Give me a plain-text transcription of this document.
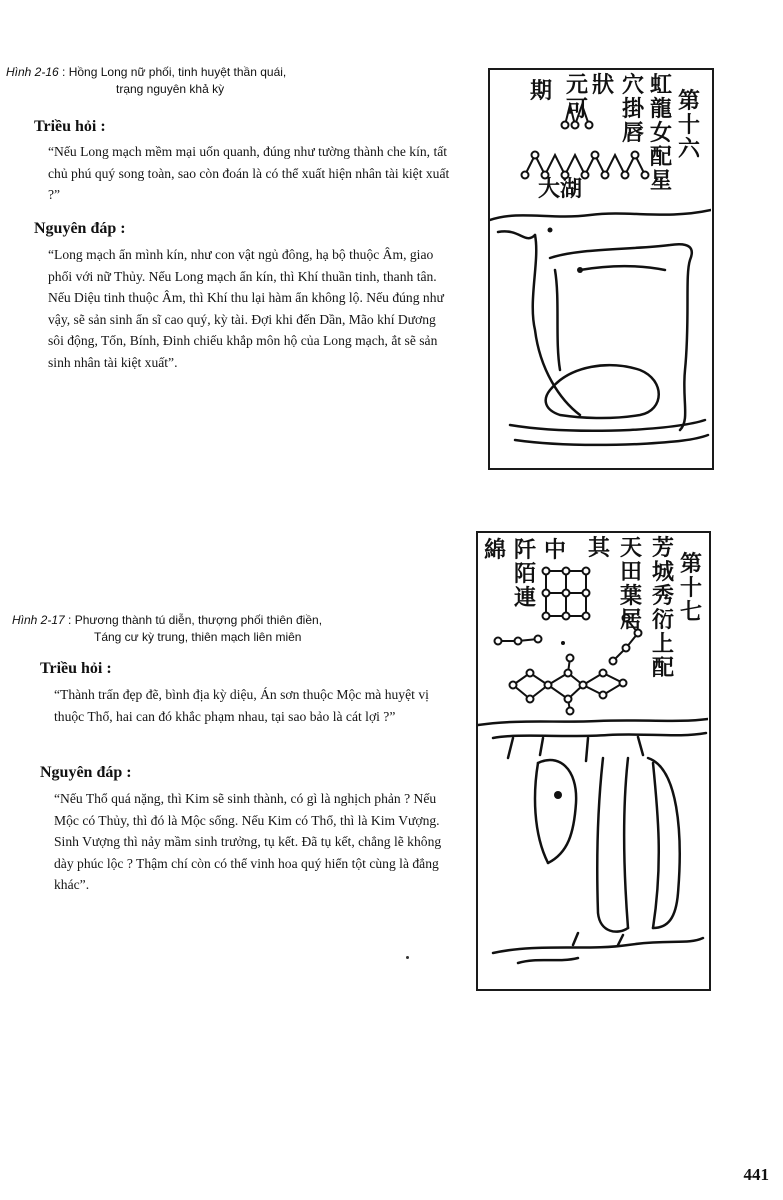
Hình 2-16 : Hồng Long nữ phối, tinh huyệt thần quái,
trạng nguyên khả kỳ
Triều hỏi :
“Nếu Long mạch mềm mại uốn quanh, đúng như tường thành che kín, tất chủ phú quý song toàn, sao còn đoán là có thể xuất hiện nhân tài kiệt xuất ?”
Nguyên đáp :
“Long mạch ẩn mình kín, như con vật ngủ đông, hạ bộ thuộc Âm, giao phối với nữ Thủy. Nếu Long mạch ẩn kín, thì Khí thuần tinh, thanh tân. Nếu Diệu tinh thuộc Âm, thì Khí thu lại hàm ẩn không lộ. Nếu đúng như vậy, sẽ sản sinh ẩn sĩ cao quý, kỳ tài. Đợi khi đến Dần, Mão khí Dương sôi động, Tốn, Bính, Đinh chiếu khắp môn hộ của Long mạch, ắt sẽ sản sinh nhân tài kiệt xuất”.
第十六
虹龍女配星
穴掛唇
狀
元可
期
大湖
Hình 2-17 : Phương thành tú diễn, thượng phối thiên điền,
Táng cư kỳ trung, thiên mạch liên miên
Triều hỏi :
“Thành trấn đẹp đẽ, bình địa kỳ diệu, Án sơn thuộc Mộc mà huyệt vị thuộc Thổ, hai can đó khắc phạm nhau, tại sao bảo là cát lợi ?”
Nguyên đáp :
“Nếu Thổ quá nặng, thì Kim sẽ sinh thành, có gì là nghịch phản ? Nếu Mộc có Thủy, thì đó là Mộc sống. Nếu Kim có Thổ, thì là Kim Vượng. Sinh Vượng thì nảy mầm sinh trưởng, tụ kết. Đã tụ kết, chẳng lẽ không dày phúc lộc ? Thậm chí còn có thể vinh hoa quý hiển tột cùng là đẳng khác”.
第十七
芳城秀衍上配
天田葉居
其
中
阡陌連
綿
441
